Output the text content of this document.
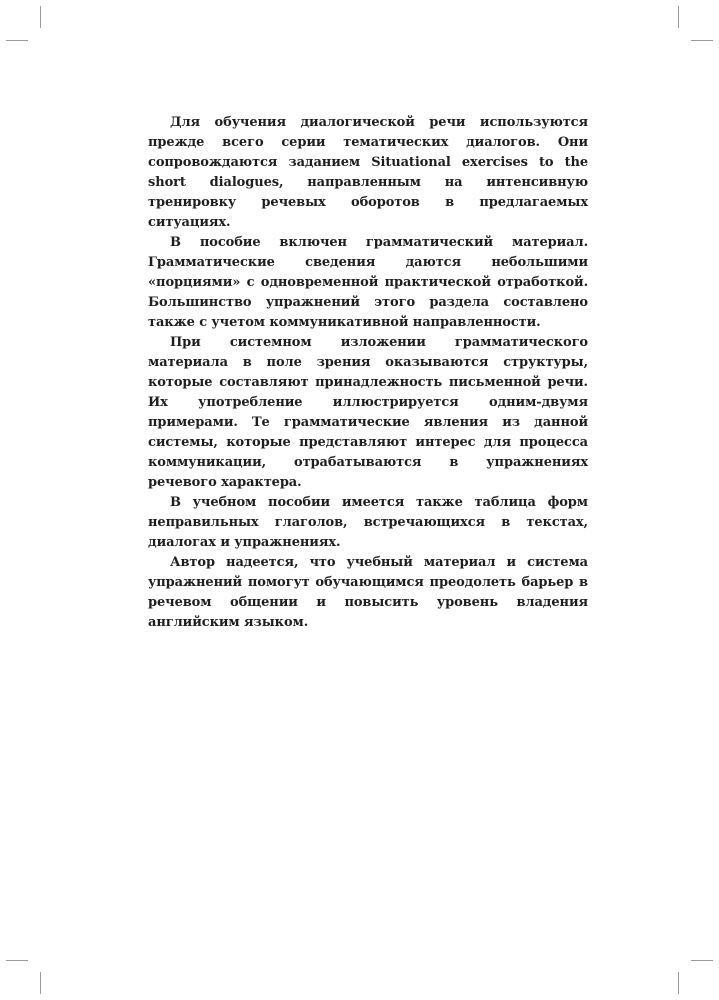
Для обучения диалогической речи используются прежде всего серии тематических диалогов. Они сопровождаются заданием Situational exercises to the short dialogues, направленным на интенсивную тренировку речевых оборотов в предлагаемых ситуациях.

В пособие включен грамматический материал. Грамматические сведения даются небольшими «порциями» с одновременной практической отработкой. Большинство упражнений этого раздела составлено также с учетом коммуникативной направленности.

При системном изложении грамматического материала в поле зрения оказываются структуры, которые составляют принадлежность письменной речи. Их употребление иллюстрируется одним-двумя примерами. Те грамматические явления из данной системы, которые представляют интерес для процесса коммуникации, отрабатываются в упражнениях речевого характера.

В учебном пособии имеется также таблица форм неправильных глаголов, встречающихся в текстах, диалогах и упражнениях.

Автор надеется, что учебный материал и система упражнений помогут обучающимся преодолеть барьер в речевом общении и повысить уровень владения английским языком.
